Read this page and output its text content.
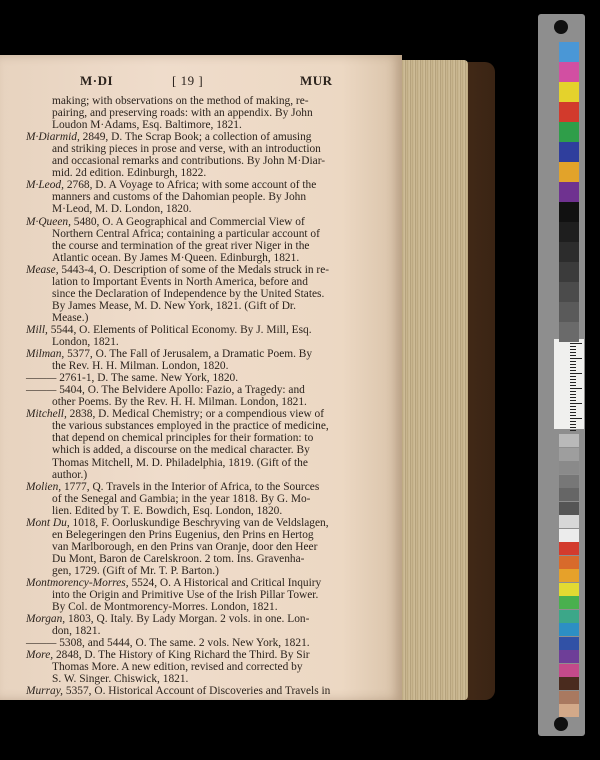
M·DI	[ 19 ]	MUR
making; with observations on the method of making, re-
pairing, and preserving roads: with an appendix. By John
Loudon M·Adams, Esq. Baltimore, 1821.
M·Diarmid, 2849, D. The Scrap Book; a collection of amusing
and striking pieces in prose and verse, with an introduction
and occasional remarks and contributions. By John M·Diar-
mid. 2d edition. Edinburgh, 1822.
M·Leod, 2768, D. A Voyage to Africa; with some account of the
manners and customs of the Dahomian people. By John
M·Leod, M. D. London, 1820.
M·Queen, 5480, O. A Geographical and Commercial View of
Northern Central Africa; containing a particular account of
the course and termination of the great river Niger in the
Atlantic ocean. By James M·Queen. Edinburgh, 1821.
Mease, 5443-4, O. Description of some of the Medals struck in re-
lation to Important Events in North America, before and
since the Declaration of Independence by the United States.
By James Mease, M. D. New York, 1821. (Gift of Dr.
Mease.)
Mill, 5544, O. Elements of Political Economy. By J. Mill, Esq.
London, 1821.
Milman, 5377, O. The Fall of Jerusalem, a Dramatic Poem. By
the Rev. H. H. Milman. London, 1820.
——— 2761-1, D. The same. New York, 1820.
——— 5404, O. The Belvidere Apollo: Fazio, a Tragedy: and
other Poems. By the Rev. H. H. Milman. London, 1821.
Mitchell, 2838, D. Medical Chemistry; or a compendious view of
the various substances employed in the practice of medicine,
that depend on chemical principles for their formation: to
which is added, a discourse on the medical character. By
Thomas Mitchell, M. D. Philadelphia, 1819. (Gift of the
author.)
Molien, 1777, Q. Travels in the Interior of Africa, to the Sources
of the Senegal and Gambia; in the year 1818. By G. Mo-
lien. Edited by T. E. Bowdich, Esq. London, 1820.
Mont Du, 1018, F. Oorluskundige Beschryving van de Veldslagen,
en Belegeringen den Prins Eugenius, den Prins en Hertog
van Marlborough, en den Prins van Oranje, door den Heer
Du Mont, Baron de Carelskroon. 2 tom. Ins. Gravenha-
gen, 1729. (Gift of Mr. T. P. Barton.)
Montmorency-Morres, 5524, O. A Historical and Critical Inquiry
into the Origin and Primitive Use of the Irish Pillar Tower.
By Col. de Montmorency-Morres. London, 1821.
Morgan, 1803, Q. Italy. By Lady Morgan. 2 vols. in one. Lon-
don, 1821.
——— 5308, and 5444, O. The same. 2 vols. New York, 1821.
More, 2848, D. The History of King Richard the Third. By Sir
Thomas More. A new edition, revised and corrected by
S. W. Singer. Chiswick, 1821.
Murray, 5357, O. Historical Account of Discoveries and Travels in
